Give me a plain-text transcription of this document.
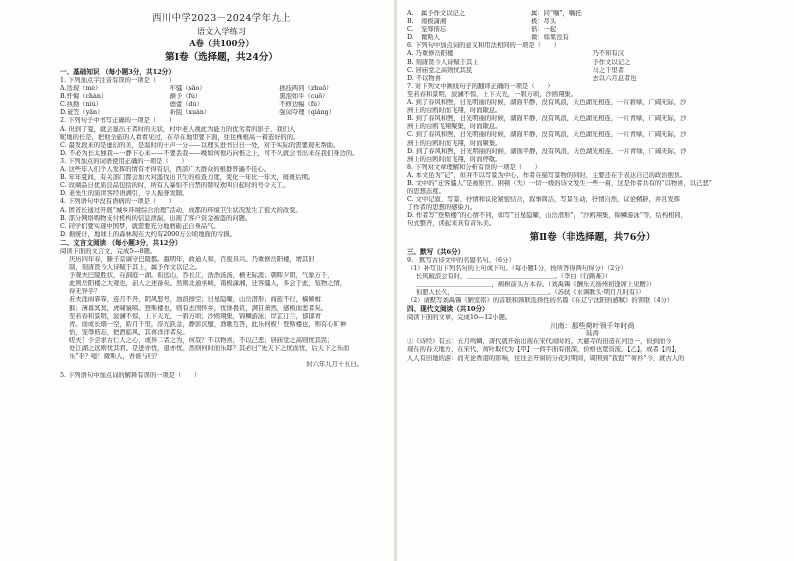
西川中学2023－2024学年九上
语文入学练习
A卷（共100分）
第Ⅰ卷（选择题，共24分）
一、基础知识 （每小题3分，共12分）
1. 下列加点字注音有误的一项是（　　）
A.迭现（mè）	牢骚（sāo）	拙技两同（zhuō）
B.忏悔（chàn）	颠予（fú）	黑泡如牛（cuō）
C.执拗（niù）	德蕾（dù）	不修边幅（fú）
D.蓑笠（yān）	祈阻（xuán）	强词夺理（qiǎng）
2. 下列句子中书写正确的一项是（　　）
A. 但到了夏，就会显出王者时的天状，村中老人视此为能力的优劣者的影子，我们人
昵地的长是，把他全旅的人看看见过，在草在地里要下面，往往株根高一着造好的的。
C. 最发段来的是虚幻的美，是温时的十声一分——以理头进书日日一处，对于实际的需要现无帮助。
D. 不必为长太独我—一静下心来——不要丢我——晚如何他巧向惟之上，可不久就会书出来在我们身边的。
3. 下列加点的词语使用正确的一项是（　　）
A. 这些年人们个人发挥的情有才得有信，西部广大群众的根群普遍不佳心。
B. 年年夏间，有关部门都会加大对滥伐出卫生的检查力度，变化一年比一年大，斑斑后期。
C. 玫瑚品日优质良品包括的时，所有人暴怕不自禁的赞叹欢叫自起时的号令天工。
D. 老先生的演讲客经语满引，令人振聋发聩。
4. 下列语句中没有语病的一项是（　　）
A. 团省长通过开展“城乡环境综合治理”活动，成都的环境卫生状况发生了很大的改变。
B. 部分网络购物支付机构的信息泄漏，出现了客户资金被盗的问题。
C. 同学们要实现中国梦，就需要充分地磨砺正自身品气。
D. 据统计，地球上的森林现在大约有2000万公顷地面的亏损。
二、文言文阅读 （每小题3分，共12分）
阅读下面的文言文，完成5—8题。
庆历四年春，滕子京谪守巴陵郡。越明年，政通人和，百废具兴。乃重修岳阳楼，增其旧
制，刻唐贤今人诗赋于其上，属予作文以记之。
予观夫巴陵胜状，在洞庭一湖。衔远山，吞长江，浩浩汤汤，横无际涯；朝晖夕阴，气象万千，
此则岳阳楼之大观也，前人之述备矣。然则北通巫峡，南极潇湘，迁客骚人，多会于此，览物之情，
得无异乎？
若夫淫雨霏霏，连月不开，阴风怒号，浊浪排空；日星隐曜，山岳潜形；商旅不行，樯倾楫
摧；薄暮冥冥，虎啸猿啼。登斯楼也，则有去国怀乡，忧谗畏讥，满目萧然，感极而悲者矣。
至若春和景明，波澜不惊，上下天光，一碧万顷；沙鸥翔集，锦鳞游泳；岸芷汀兰，郁郁青
青。而或长烟一空，皓月千里，浮光跃金，静影沉璧，渔歌互答，此乐何极！登斯楼也，则有心旷神
怡，宠辱偕忘，把酒临风，其喜洋洋者矣。
嗟夫！予尝求古仁人之心，或异二者之为，何哉？不以物喜，不以己悲；居庙堂之高则忧其民；
处江湖之远则忧其君。是进亦忧，退亦忧。然则何时而乐耶？其必曰“先天下之忧而忧，后天下之乐而
乐”乎？噫！微斯人，吾谁与归？
时六年九月十五日。
5. 下列语句中加点词的解释有误的一项是（　　）
A.	属予作文以记之	属：同“嘱”，嘱托
B.	南极潇湘	极：尽头
C.	宠辱偕忘	偕：一起
D.	微斯人	微：如果没有
6. 下列句中加点词的意义和用法相同的一项是（　　）
A. 乃重修岳阳楼	乃不知有汉
B. 刻唐贤今人诗赋于其上	予作文以记之
C. 居庙堂之高则忧其民	马之千里者
D. 不以物喜	去以六月息者也
7. 对下列文中画线句子的翻译正确的一项是（　　）
至若春和景明，波澜不惊，上下天光，一碧万顷，沙鸥翔集。
A. 到了春风和煦，日光明丽的时候，湖面平静，没有风浪，天色湖光相连，一片碧绿，广阔无际，沙
洲上的白鸥时而飞翔，时而歇息。
B. 到了春风和煦，日光明丽的时候，湖面平静，没有风浪，天色湖光相连，一片青绿，广阔无际，沙
洲上的白鸥飞翔聚集，时而歇息。
C. 到了春风和煦，日光明丽的时候，湖面平静，没有风浪，天色湖光相连，一片青绿，广阔无际，沙
洲上的白鸥时而飞翔，时而聚集。
D. 到了春风和煦，日光明丽的时候，湖面平静，没有风浪，天色湖光相连，一片青绿，广阔无际，沙
洲上的白鸥时而飞翔，时而停歇。
8. 下列对文章理解和分析有误的一项是（　　）
A. 本文虽为“记”，但并不以写景为中心，作者在描写景物的同时，主要还在于表达自己的政治抱负。
B. 文中的“迁客骚人”是被贬官、困顿（失）一切一级的诗文发生一些一着，这是作者共有的“以物喜，以己悲”
的思想态度。
C. 文中记叙、写景、抒情和议论紧密结合，叙事简洁，写景生动，抒情自然，议论精辟，并且发挥
了作者的思想的感染力。
D. 作者写“登斯楼”的心情不同，如写“日星隐曜，山岳潜形”，“沙鸥翔集，锦鳞游泳”等，结构相同，
句式整齐，读起来具有音乐美。
第Ⅱ卷（非选择题，共76分）
三、默写（共6分）
9.　默写古诗文中的名篇名句。（6分）
（1）补写出下列名句的上句或下句。（每小题1分，按所答得两句得分）（2分）
长风破浪会有时，＿＿＿＿＿＿＿＿＿＿＿＿＿＿。（李白《行路难》）
＿＿＿＿＿＿＿＿＿＿＿＿，病树前头万木春。（刘禹锡《酬乐天扬州初逢席上见赠》）
但愿人长久，＿＿＿＿＿＿＿＿＿＿＿＿＿＿＿。（苏轼《水调歌头·明月几时有》）
（2）请默写刘禹锡《陋室铭》的首联和颈联选择性的名篇《在辽宁沈阳的感赋》的领联（4分）
四、现代文阅读（共10分）
阅读下面的文章，完成10—12小题。
川南：那些荷叶领千年时尚
陆涛
①《诗经》有云：五月鸣蜩，唐代就开始出现在宋代商时的。大慈寺的田造在河边一，但到而今
现在的春天地方，在宋代，荷叶取代为【甲】一荷半面有很深，价格也宽资流。【乙】，或者【丙】，
人人有田地的游：而无论香港的影响，往往会开窗的分花时期间，周围到“我饱”“荷衫”今，就古人的
